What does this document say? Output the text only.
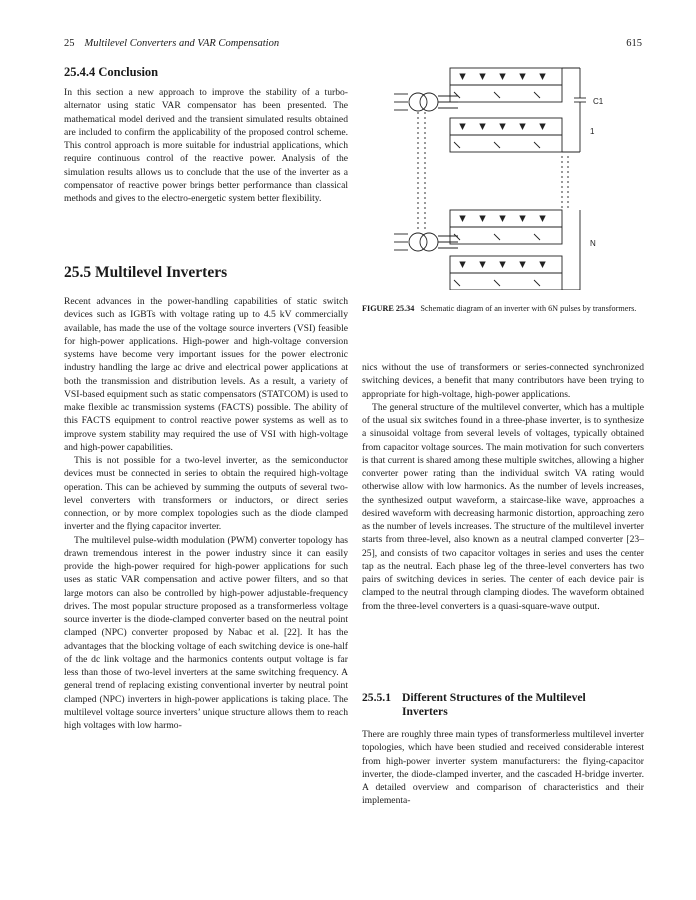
25 Multilevel Converters and VAR Compensation	615
25.4.4 Conclusion

In this section a new approach to improve the stability of a turbo-alternator using static VAR compensator has been presented. The mathematical model derived and the transient simulated results obtained are included to confirm the applicability of the proposed control scheme. This control approach is more suitable for industrial applications, which require continuous control of the reactive power. Analysis of the simulation results allows us to conclude that the use of the inverter as a compensator of reactive power brings better performance than classical methods and gives to the electro-energetic system better flexibility.

25.5 Multilevel Inverters

Recent advances in the power-handling capabilities of static switch devices such as IGBTs with voltage rating up to 4.5 kV commercially available, has made the use of the voltage source inverters (VSI) feasible for high-power applications. High-power and high-voltage conversion systems have become very important issues for the power electronic industry handling the large ac drive and electrical power applications at both the transmission and distribution levels. As a result, a variety of VSI-based equipment such as static compensators (STATCOM) is used to make flexible ac transmission systems (FACTS) possible. The ability of this FACTS equipment to control reactive power systems as well as to improve system stability may required the use of VSI with high-voltage and high-power capabilities.

This is not possible for a two-level inverter, as the semiconductor devices must be connected in series to obtain the required high-voltage operation. This can be achieved by summing the outputs of several two-level converters with transformers or inductors, or direct series connection, or by more complex topologies such as the diode clamped inverter and the flying capacitor inverter.

The multilevel pulse-width modulation (PWM) converter topology has drawn tremendous interest in the power industry since it can easily provide the high-power required for high-power applications for such uses as static VAR compensation and active power filters, and so that large motors can also be controlled by high-power adjustable-frequency drives. The most popular structure proposed as a transformerless voltage source inverter is the diode-clamped converter based on the neutral point clamped (NPC) converter proposed by Nabac et al. [22]. It has the advantages that the blocking voltage of each switching device is one-half of the dc link voltage and the harmonics contents output voltage is far less than those of two-level inverters at the same switching frequency. A general trend of replacing existing conventional inverter by neutral point clamped (NPC) inverters in high-power applications is taking place. The multilevel voltage source inverters’ unique structure allows them to reach high voltages with low harmo-

C1
1
N
FIGURE 25.34 Schematic diagram of an inverter with 6N pulses by transformers.

nics without the use of transformers or series-connected synchronized switching devices, a benefit that many contributors have been trying to appropriate for high-voltage, high-power applications.

The general structure of the multilevel converter, which has a multiple of the usual six switches found in a three-phase inverter, is to synthesize a sinusoidal voltage from several levels of voltages, typically obtained from capacitor voltage sources. The main motivation for such converters is that current is shared among these multiple switches, allowing a higher converter power rating than the individual switch VA rating would otherwise allow with low harmonics. As the number of levels increases, the synthesized output waveform, a staircase-like wave, approaches a desired waveform with decreasing harmonic distortion, approaching zero as the number of levels increases. The structure of the multilevel inverter starts from three-level, also known as a neutral clamped converter [23–25], and consists of two capacitor voltages in series and uses the center tap as the neutral. Each phase leg of the three-level converters has two pairs of switching devices in series. The center of each device pair is clamped to the neutral through clamping diodes. The waveform obtained from the three-level converters is a quasi-square-wave output.

25.5.1 Different Structures of the Multilevel
Inverters

There are roughly three main types of transformerless multilevel inverter topologies, which have been studied and received considerable interest from high-power inverter system manufacturers: the flying-capacitor inverter, the diode-clamped inverter, and the cascaded H-bridge inverter. A detailed overview and comparison of characteristics and their implementa-
